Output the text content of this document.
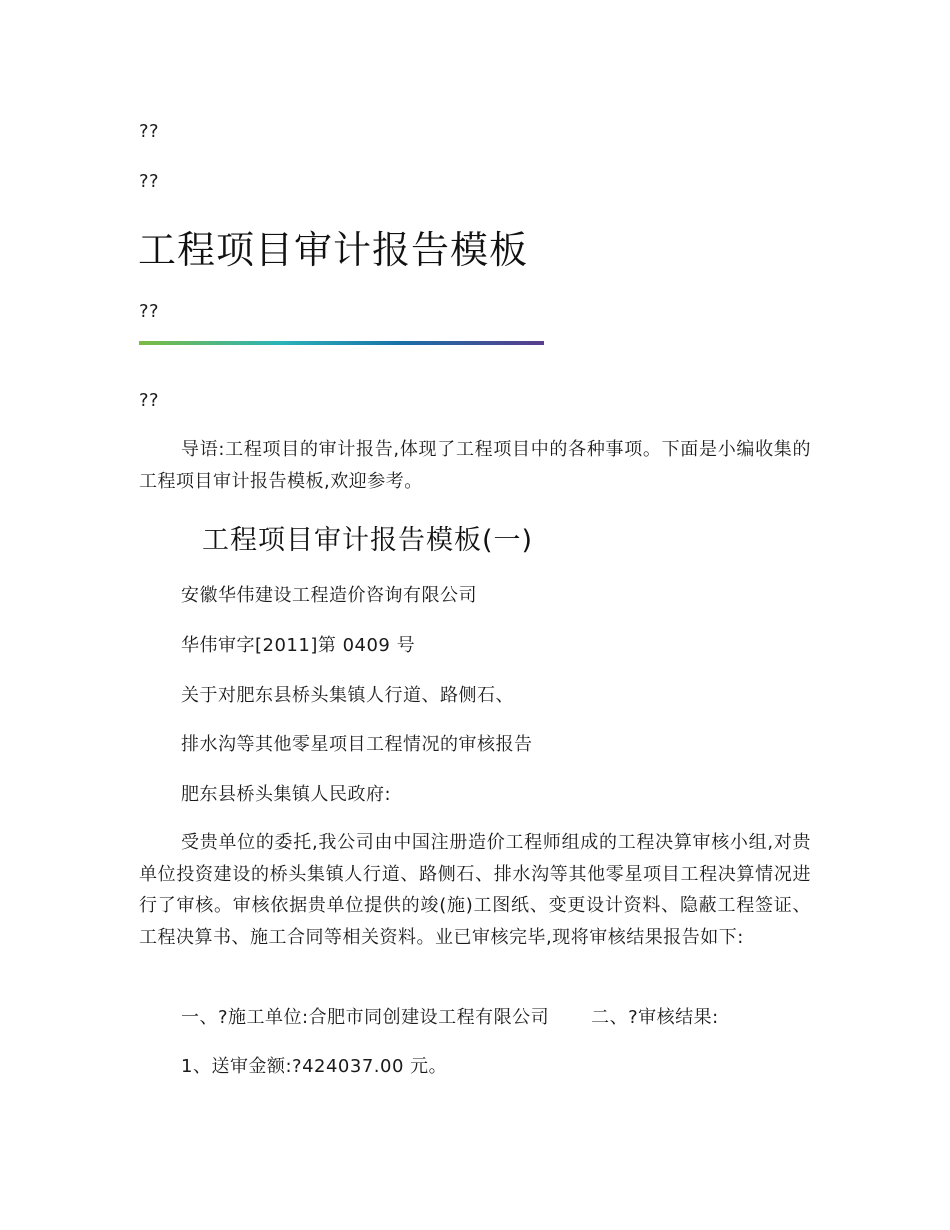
??
??
工程项目审计报告模板
??
??
导语:工程项目的审计报告,体现了工程项目中的各种事项。下面是小编收集的工程项目审计报告模板,欢迎参考。
工程项目审计报告模板(一)
安徽华伟建设工程造价咨询有限公司
华伟审字[2011]第 0409 号
关于对肥东县桥头集镇人行道、路侧石、
排水沟等其他零星项目工程情况的审核报告
肥东县桥头集镇人民政府:
受贵单位的委托,我公司由中国注册造价工程师组成的工程决算审核小组,对贵单位投资建设的桥头集镇人行道、路侧石、排水沟等其他零星项目工程决算情况进行了审核。审核依据贵单位提供的竣(施)工图纸、变更设计资料、隐蔽工程签证、工程决算书、施工合同等相关资料。业已审核完毕,现将审核结果报告如下:
一、?施工单位:合肥市同创建设工程有限公司 二、?审核结果:
1、送审金额:?424037.00 元。
